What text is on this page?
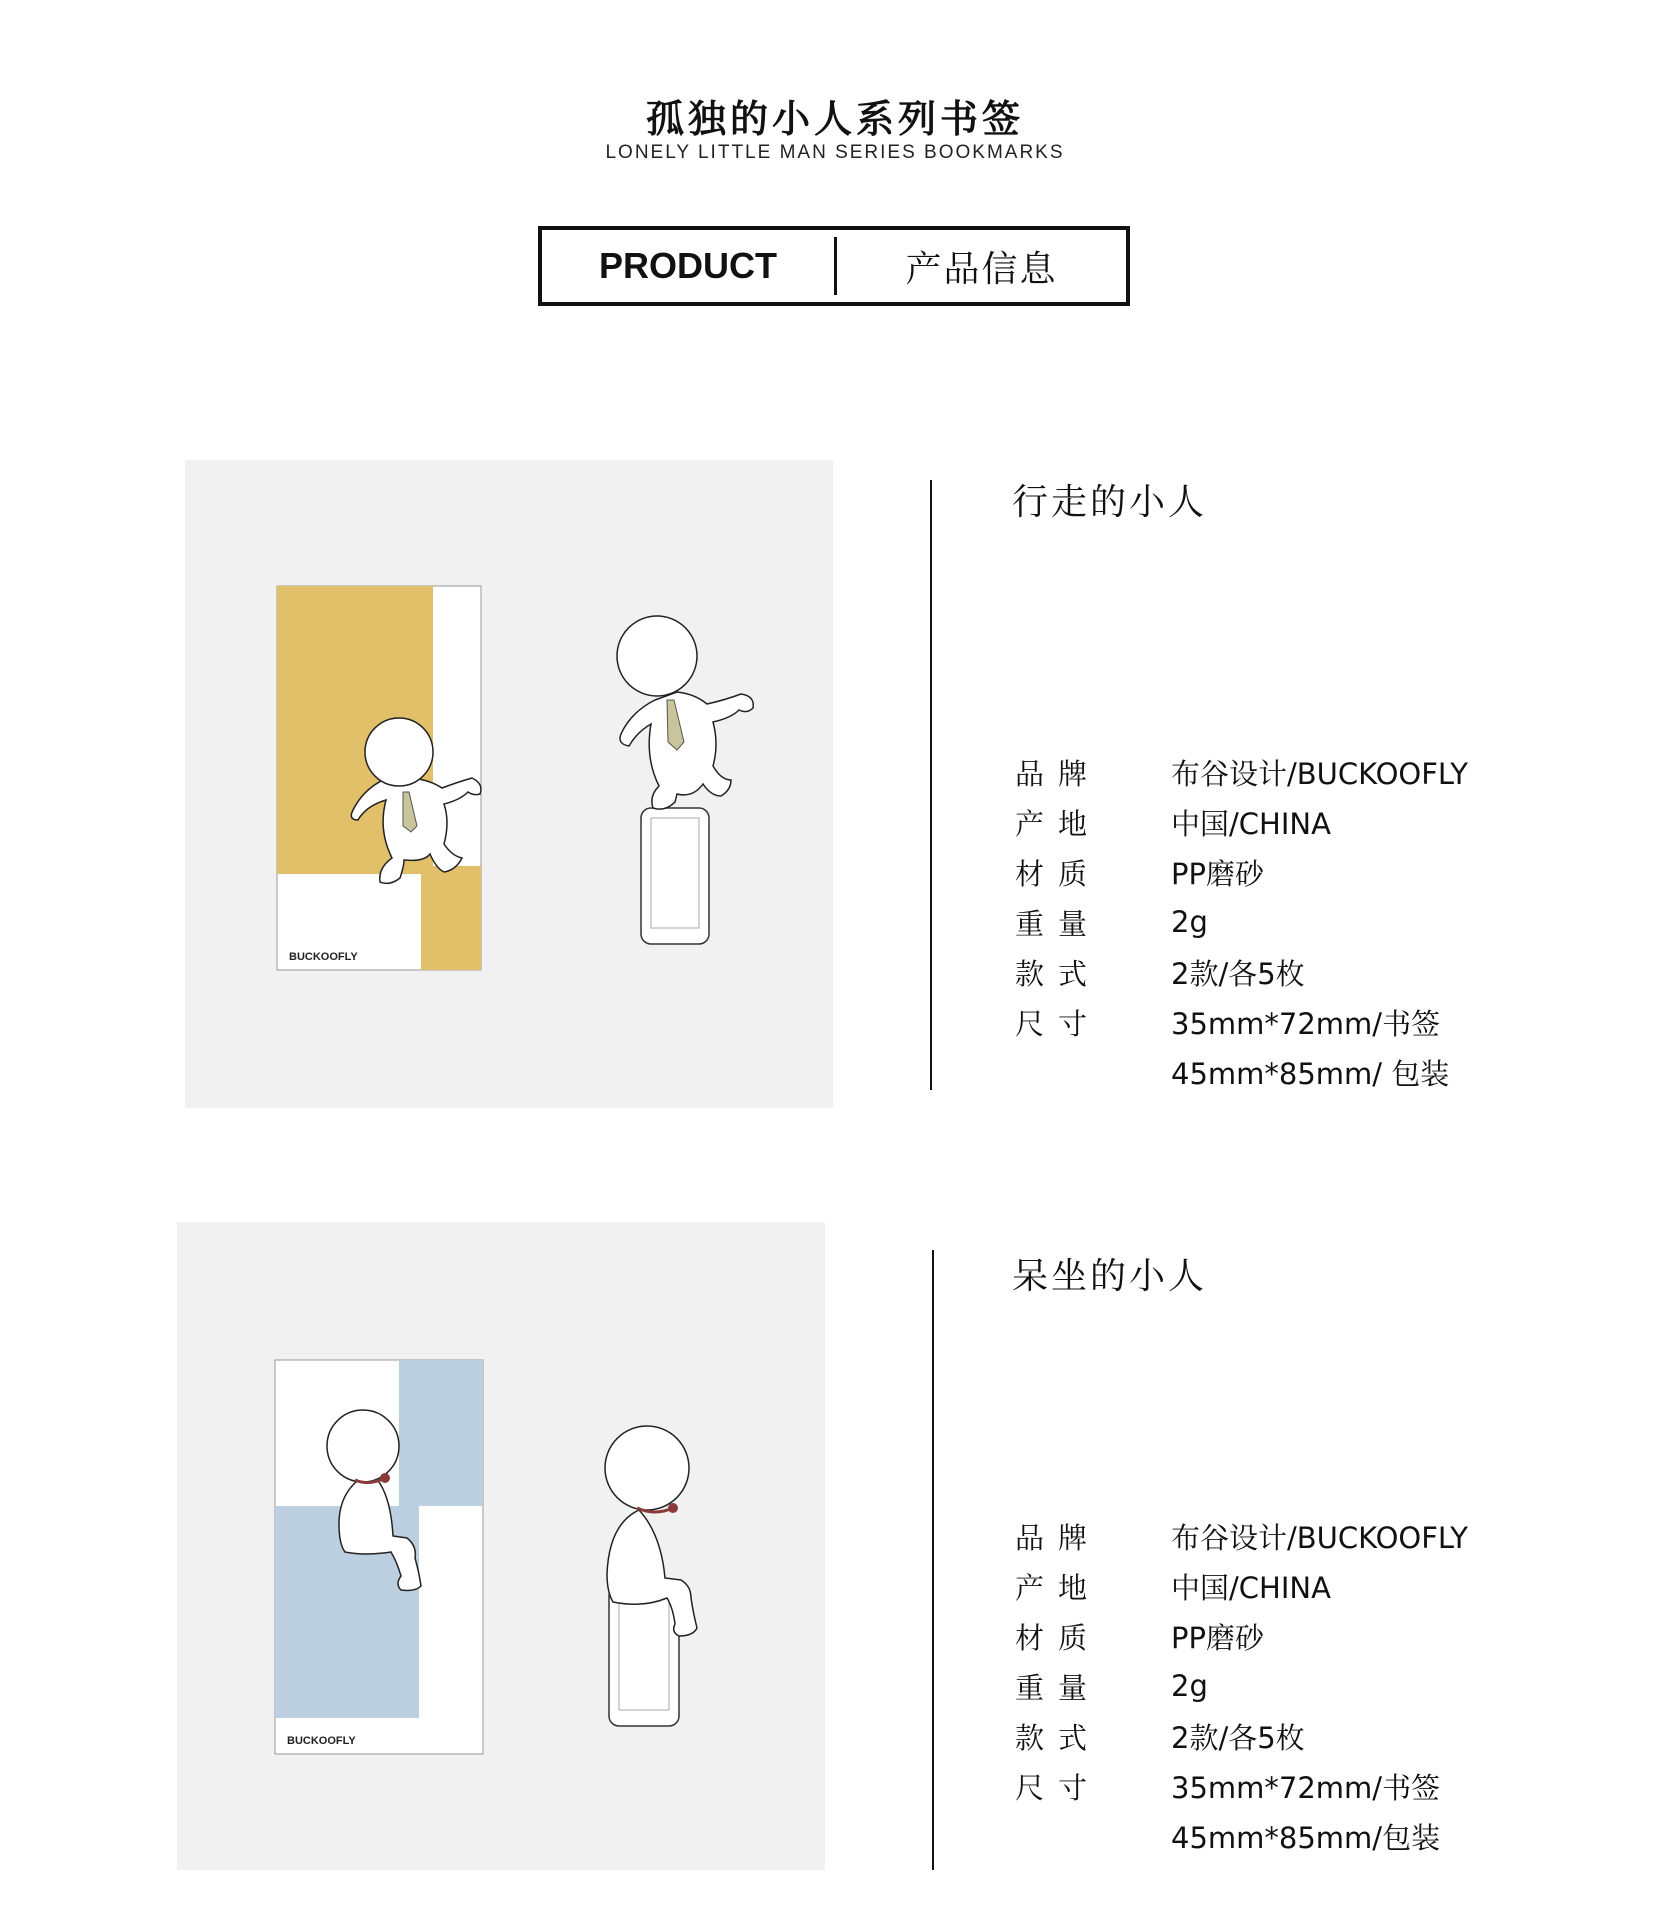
孤独的小人系列书签
LONELY LITTLE MAN SERIES BOOKMARKS
PRODUCT	产品信息
BUCKOOFLY
行走的小人
品牌	布谷设计/BUCKOOFLY
产地	中国/CHINA
材质	PP磨砂
重量	2g
款式	2款/各5枚
尺寸	35mm*72mm/书签
45mm*85mm/ 包装
BUCKOOFLY
呆坐的小人
品牌	布谷设计/BUCKOOFLY
产地	中国/CHINA
材质	PP磨砂
重量	2g
款式	2款/各5枚
尺寸	35mm*72mm/书签
45mm*85mm/包装
